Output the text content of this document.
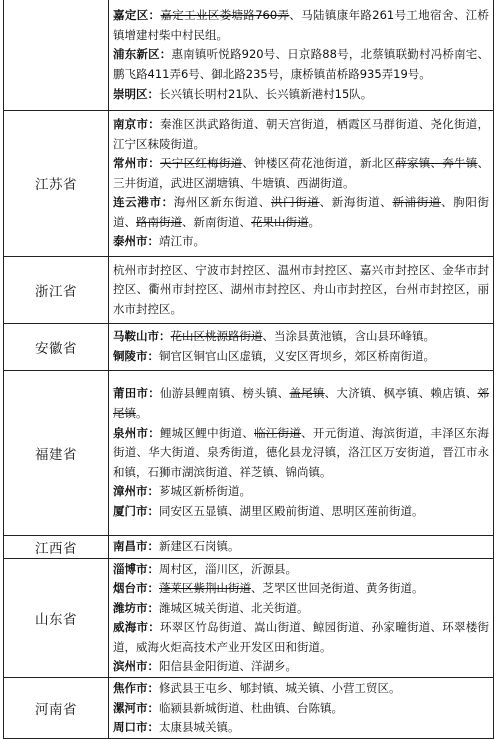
	嘉定区：嘉定工业区娄塘路760弄、马陆镇康年路261号工地宿舍、江桥镇增建村柴中村民组。

浦东新区：惠南镇听悦路920号、日京路88号，北蔡镇联勤村冯桥南宅、鹏飞路411弄6号、御北路235号，康桥镇苗桥路935弄19号。

崇明区：长兴镇长明村21队、长兴镇新港村15队。

江苏省	南京市：秦淮区洪武路街道、朝天宫街道，栖霞区马群街道、尧化街道，江宁区秣陵街道。

常州市：天宁区红梅街道、钟楼区荷花池街道，新北区薛家镇、奔牛镇、三井街道，武进区湖塘镇、牛塘镇、西湖街道。

连云港市：海州区新东街道、洪门街道、新海街道、新浦街道、朐阳街道、路南街道、新南街道、花果山街道。

泰州市：靖江市。

浙江省	杭州市封控区、宁波市封控区、温州市封控区、嘉兴市封控区、金华市封控区、衢州市封控区、湖州市封控区、舟山市封控区，台州市封控区，丽水市封控区。

安徽省	马鞍山市：花山区桃源路街道、当涂县黄池镇，含山县环峰镇。

铜陵市：铜官区铜官山区虚镇，义安区胥坝乡，郊区桥南街道。

福建省	莆田市：仙游县鲤南镇、榜头镇、盖尾镇、大济镇、枫亭镇、赖店镇、郊尾镇。

泉州市：鲤城区鲤中街道、临江街道、开元街道、海滨街道，丰泽区东海街道、华大街道、泉秀街道，德化县龙浔镇，洛江区万安街道，晋江市永和镇，石狮市湖滨街道、祥芝镇、锦尚镇。

漳州市：芗城区新桥街道。

厦门市：同安区五显镇、湖里区殿前街道、思明区莲前街道。

江西省	南昌市：新建区石岗镇。

山东省	淄博市：周村区，淄川区，沂源县。

烟台市：蓬莱区紫荆山街道、芝罘区世回尧街道、黄务街道。

潍坊市：潍城区城关街道、北关街道。

威海市：环翠区竹岛街道、嵩山街道、鲸园街道、孙家疃街道、环翠楼街道，威海火炬高技术产业开发区田和街道。

滨州市：阳信县金阳街道、洋湖乡。

河南省	焦作市：修武县王屯乡、郇封镇、城关镇、小营工贸区。

漯河市：临颍县新城街道、杜曲镇、台陈镇。

周口市：太康县城关镇。
